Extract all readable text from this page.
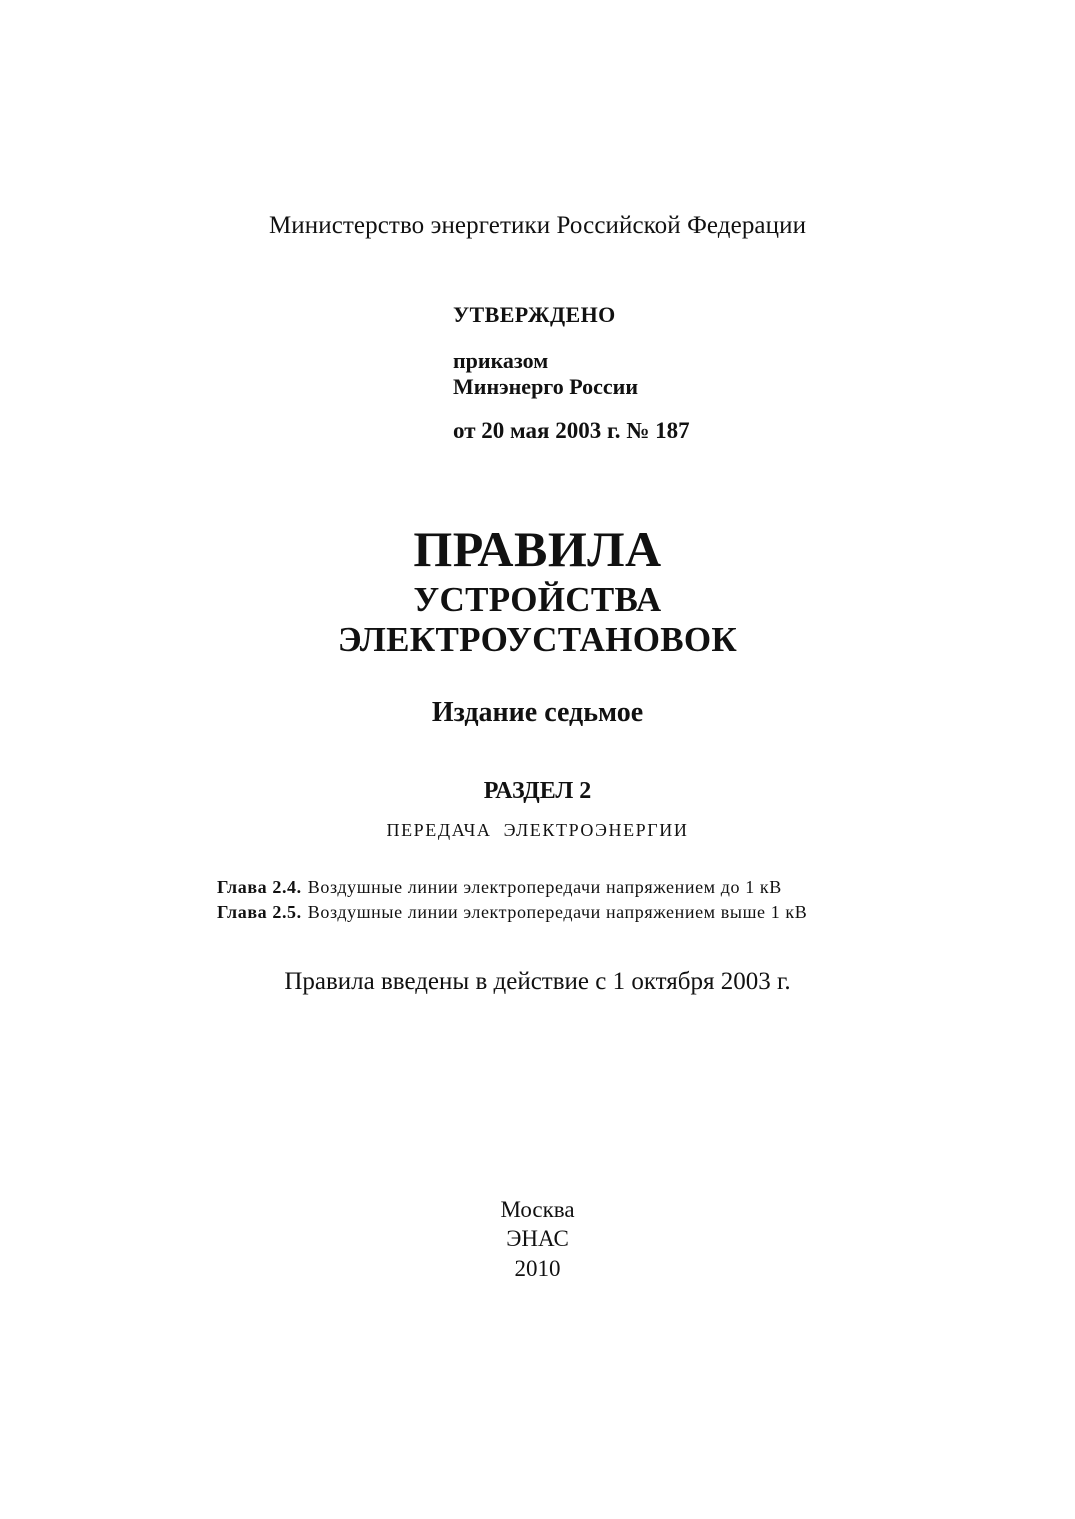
Министерство энергетики Российской Федерации
УТВЕРЖДЕНО
приказом
Минэнерго России
от 20 мая 2003 г. № 187
ПРАВИЛА
УСТРОЙСТВА
ЭЛЕКТРОУСТАНОВОК
Издание седьмое
РАЗДЕЛ 2
ПЕРЕДАЧА ЭЛЕКТРОЭНЕРГИИ
Глава 2.4. Воздушные линии электропередачи напряжением до 1 кВ
Глава 2.5. Воздушные линии электропередачи напряжением выше 1 кВ
Правила введены в действие с 1 октября 2003 г.
Москва
ЭНАС
2010
